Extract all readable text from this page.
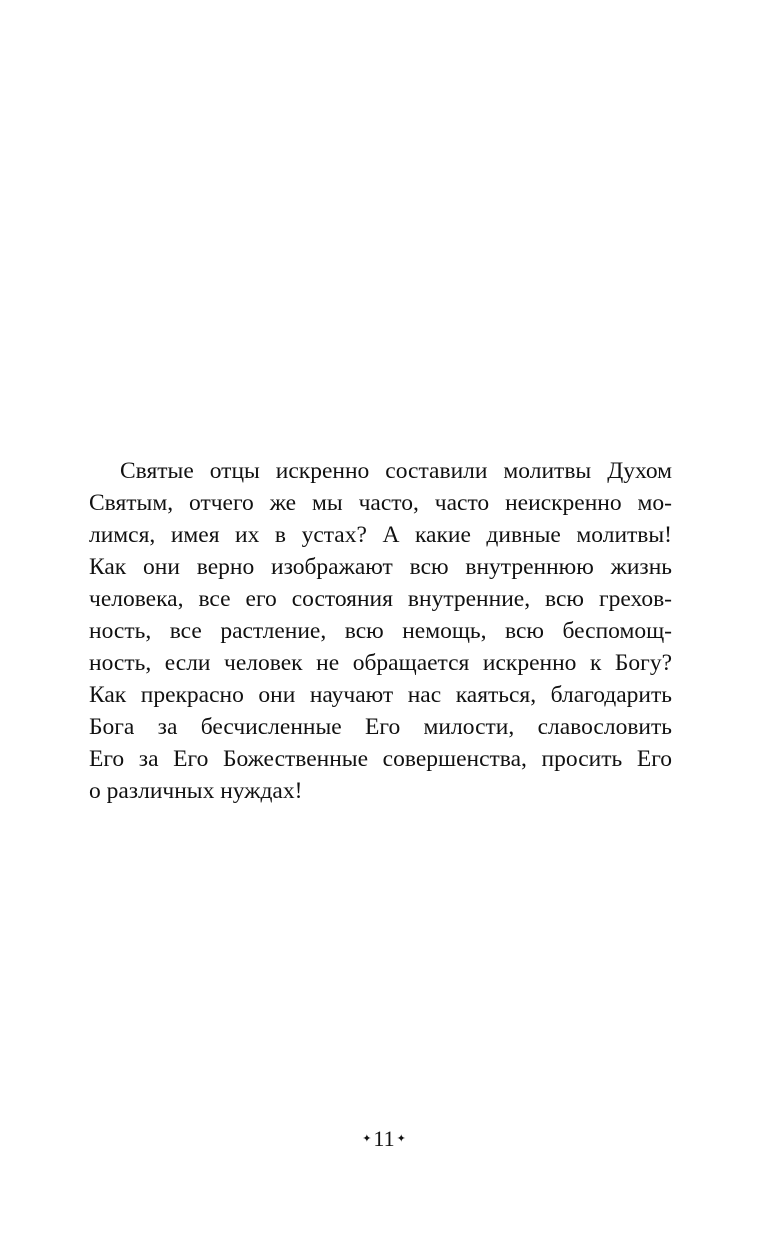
Святые отцы искренно составили молитвы Духом
Святым, отчего же мы часто, часто неискренно мо-
лимся, имея их в устах? А какие дивные молитвы!
Как они верно изображают всю внутреннюю жизнь
человека, все его состояния внутренние, всю грехов-
ность, все растление, всю немощь, всю беспомощ-
ность, если человек не обращается искренно к Богу?
Как прекрасно они научают нас каяться, благодарить
Бога за бесчисленные Его милости, славословить
Его за Его Божественные совершенства, просить Его
о различных нуждах!
✦11 ✦
